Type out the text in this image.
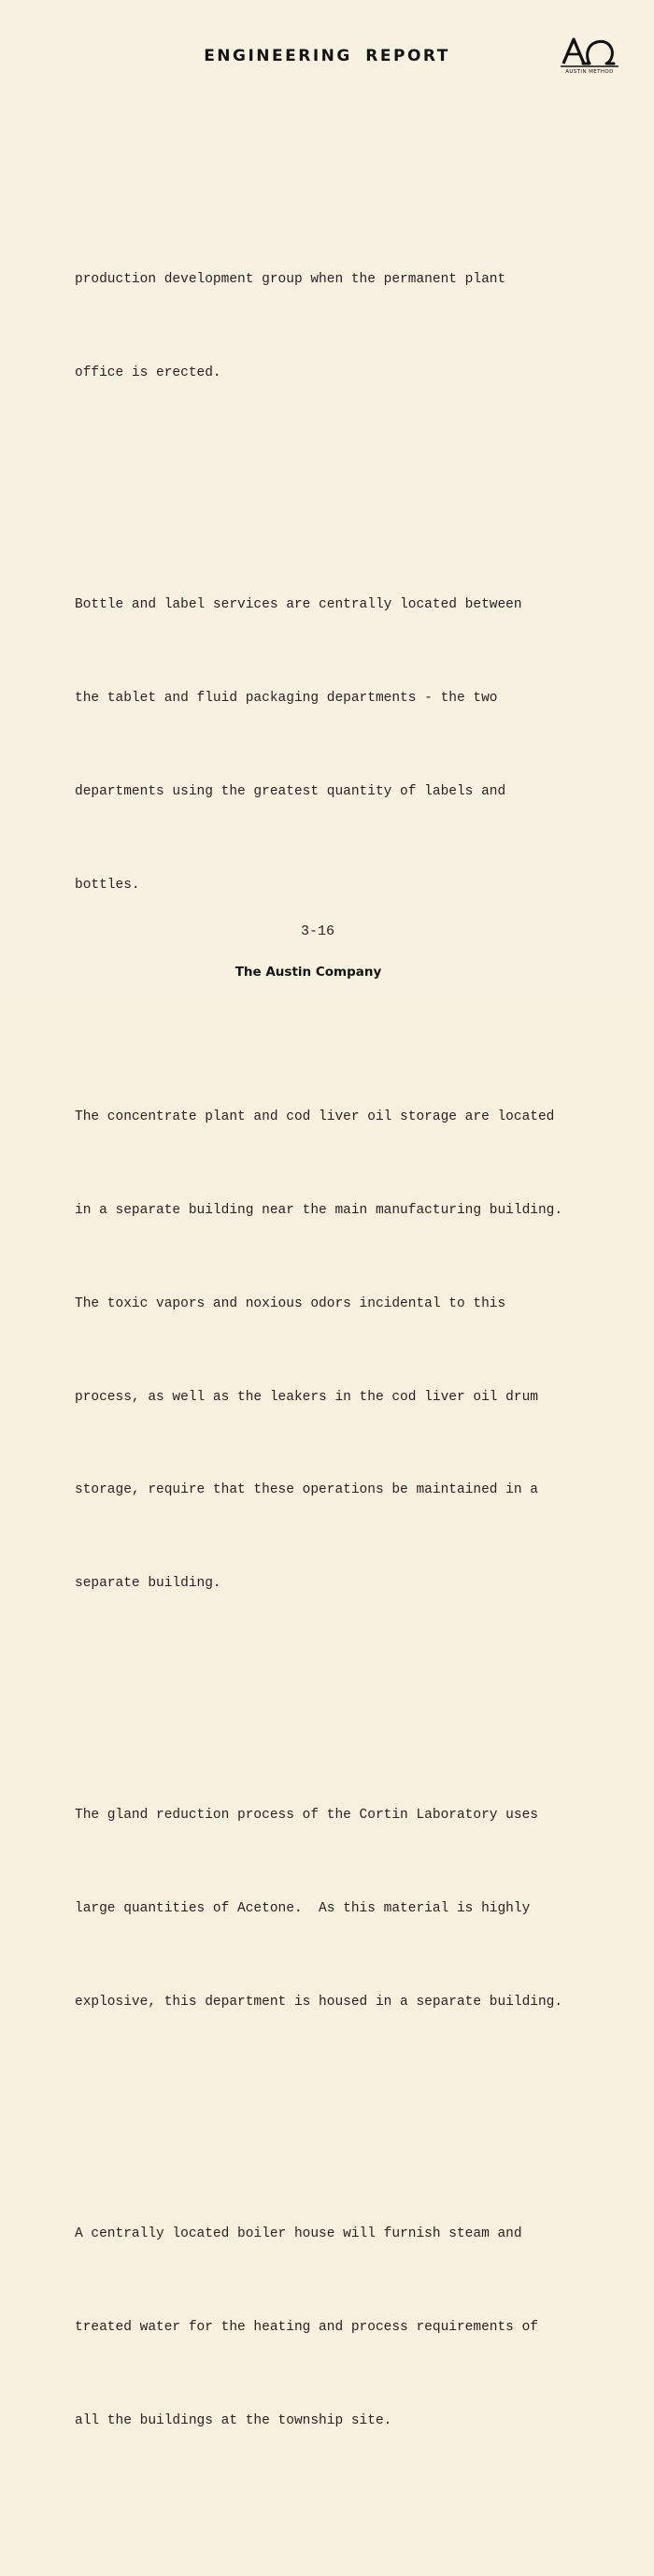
ENGINEERING REPORT
AUSTIN METHOD

production development group when the permanent plant

office is erected.

Bottle and label services are centrally located between

the tablet and fluid packaging departments - the two

departments using the greatest quantity of labels and

bottles.

The concentrate plant and cod liver oil storage are located

in a separate building near the main manufacturing building.

The toxic vapors and noxious odors incidental to this

process, as well as the leakers in the cod liver oil drum

storage, require that these operations be maintained in a

separate building.

The gland reduction process of the Cortin Laboratory uses

large quantities of Acetone.  As this material is highly

explosive, this department is housed in a separate building.

A centrally located boiler house will furnish steam and

treated water for the heating and process requirements of

all the buildings at the township site.

3-16
The Austin Company
